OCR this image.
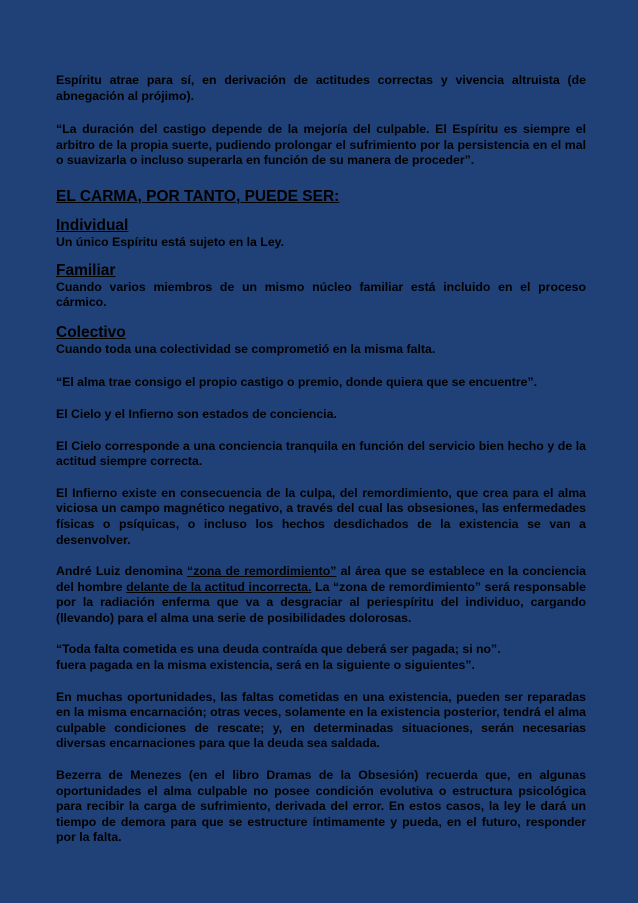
Espíritu atrae para sí, en derivación de actitudes correctas y vivencia altruista (de abnegación al prójimo).

“La duración del castigo depende de la mejoría del culpable. El Espíritu es siempre el arbitro de la propia suerte, pudiendo prolongar el sufrimiento por la persistencia en el mal o suavizarla o incluso superarla en función de su manera de proceder”.

EL CARMA, POR TANTO, PUEDE SER:
Individual

Un único Espíritu está sujeto en la Ley.

Familiar

Cuando varios miembros de un mismo núcleo familiar está incluido en el proceso cármico.

Colectivo

Cuando toda una colectividad se comprometió en la misma falta.

“El alma trae consigo el propio castigo o premio, donde quiera que se encuentre”.

El Cielo y el Infierno son estados de conciencia.

El Cielo corresponde a una conciencia tranquila en función del servicio bien hecho y de la actitud siempre correcta.

El Infierno existe en consecuencia de la culpa, del remordimiento, que crea para el alma viciosa un campo magnético negativo, a través del cual las obsesiones, las enfermedades físicas o psíquicas, o incluso los hechos desdichados de la existencia se van a desenvolver.

André Luiz denomina “zona de remordimiento” al área que se establece en la conciencia del hombre delante de la actitud incorrecta. La “zona de remordimiento” será responsable por la radiación enferma que va a desgraciar al periespíritu del individuo, cargando (llevando) para el alma una serie de posibilidades dolorosas.

“Toda falta cometida es una deuda contraída que deberá ser pagada; si no”.

fuera pagada en la misma existencia, será en la siguiente o siguientes”.

En muchas oportunidades, las faltas cometidas en una existencia, pueden ser reparadas en la misma encarnación; otras veces, solamente en la existencia posterior, tendrá el alma culpable condiciones de rescate; y, en determinadas situaciones, serán necesarias diversas encarnaciones para que la deuda sea saldada.

Bezerra de Menezes (en el libro Dramas de la Obsesión) recuerda que, en algunas oportunidades el alma culpable no posee condición evolutiva o estructura psicológica para recibir la carga de sufrimiento, derivada del error. En estos casos, la ley le dará un tiempo de demora para que se estructure íntimamente y pueda, en el futuro, responder por la falta.
